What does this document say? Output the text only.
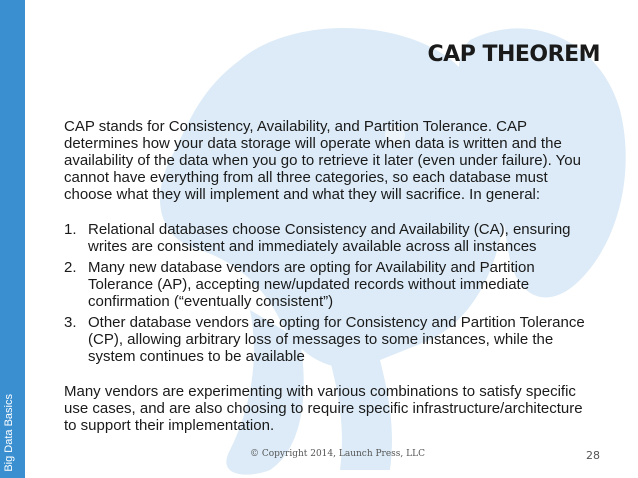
Big Data Basics
CAP THEOREM

CAP stands for Consistency, Availability, and Partition Tolerance. CAP determines how your data storage will operate when data is written and the availability of the data when you go to retrieve it later (even under failure). You cannot have everything from all three categories, so each database must choose what they will implement and what they will sacrifice. In general:

1. Relational databases choose Consistency and Availability (CA), ensuring writes are consistent and immediately available across all instances
2. Many new database vendors are opting for Availability and Partition Tolerance (AP), accepting new/updated records without immediate confirmation (“eventually consistent”)
3. Other database vendors are opting for Consistency and Partition Tolerance (CP), allowing arbitrary loss of messages to some instances, while the system continues to be available

Many vendors are experimenting with various combinations to satisfy specific use cases, and are also choosing to require specific infrastructure/architecture to support their implementation.

© Copyright 2014, Launch Press, LLC	28
